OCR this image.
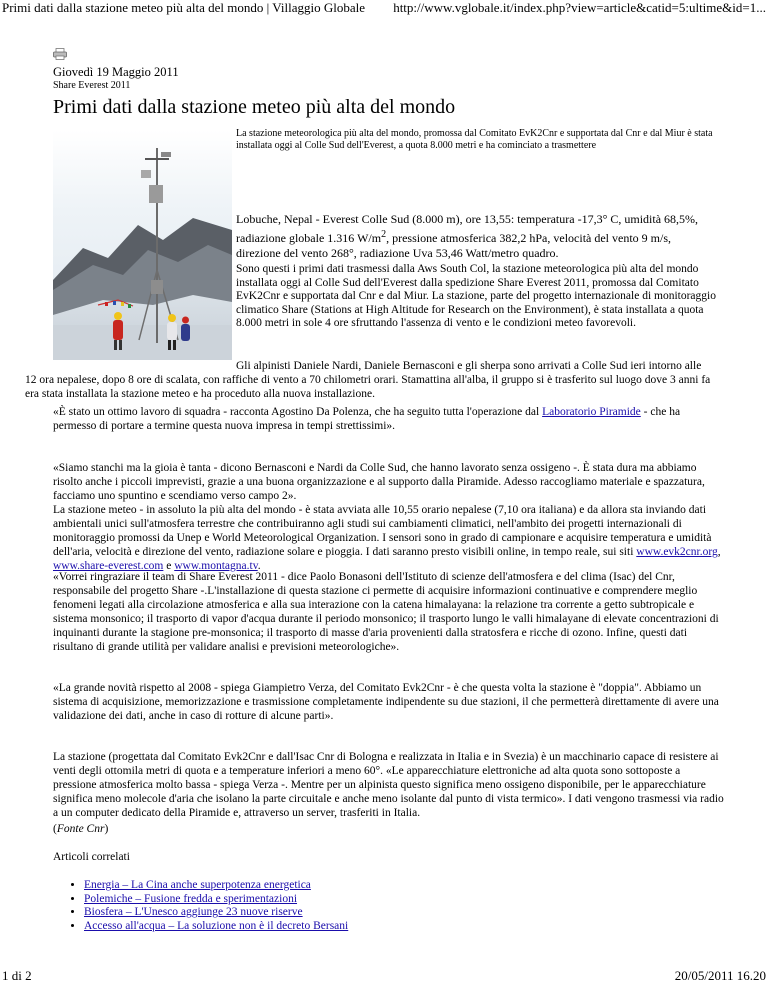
Primi dati dalla stazione meteo più alta del mondo | Villaggio Globale http://www.vglobale.it/index.php?view=article&catid=5:ultime&id=1...
Giovedì 19 Maggio 2011
Share Everest 2011
Primi dati dalla stazione meteo più alta del mondo

La stazione meteorologica più alta del mondo, promossa dal Comitato EvK2Cnr e supportata dal Cnr e dal Miur è stata installata oggi al Colle Sud dell'Everest, a quota 8.000 metri e ha cominciato a trasmettere

Lobuche, Nepal - Everest Colle Sud (8.000 m), ore 13,55: temperatura -17,3° C, umidità 68,5%, radiazione globale 1.316 $W/m^2$, pressione atmosferica 382,2 hPa, velocità del vento 9 m/s, direzione del vento 268°, radiazione Uva 53,46 Watt/metro quadro.

Sono questi i primi dati trasmessi dalla Aws South Col, la stazione meteorologica più alta del mondo installata oggi al Colle Sud dell'Everest dalla spedizione Share Everest 2011, promossa dal Comitato EvK2Cnr e supportata dal Cnr e dal Miur. La stazione, parte del progetto internazionale di monitoraggio climatico Share (Stations at High Altitude for Research on the Environment), è stata installata a quota 8.000 metri in sole 4 ore sfruttando l'assenza di vento e le condizioni meteo favorevoli.

Gli alpinisti Daniele Nardi, Daniele Bernasconi e gli sherpa sono arrivati a Colle Sud ieri intorno alle

12 ora nepalese, dopo 8 ore di scalata, con raffiche di vento a 70 chilometri orari. Stamattina all'alba, il gruppo si è trasferito sul luogo dove 3 anni fa era stata installata la stazione meteo e ha proceduto alla nuova installazione.

«È stato un ottimo lavoro di squadra - racconta Agostino Da Polenza, che ha seguito tutta l'operazione dal Laboratorio Piramide - che ha permesso di portare a termine questa nuova impresa in tempi strettissimi».

«Siamo stanchi ma la gioia è tanta - dicono Bernasconi e Nardi da Colle Sud, che hanno lavorato senza ossigeno -. È stata dura ma abbiamo risolto anche i piccoli imprevisti, grazie a una buona organizzazione e al supporto dalla Piramide. Adesso raccogliamo materiale e spazzatura, facciamo uno spuntino e scendiamo verso campo 2».

La stazione meteo - in assoluto la più alta del mondo - è stata avviata alle 10,55 orario nepalese (7,10 ora italiana) e da allora sta inviando dati ambientali unici sull'atmosfera terrestre che contribuiranno agli studi sui cambiamenti climatici, nell'ambito dei progetti internazionali di monitoraggio promossi da Unep e World Meteorological Organization. I sensori sono in grado di campionare e acquisire temperatura e umidità dell'aria, velocità e direzione del vento, radiazione solare e pioggia. I dati saranno presto visibili online, in tempo reale, sui siti www.evk2cnr.org, www.share-everest.com e www.montagna.tv.

«Vorrei ringraziare il team di Share Everest 2011 - dice Paolo Bonasoni dell'Istituto di scienze dell'atmosfera e del clima (Isac) del Cnr, responsabile del progetto Share -.L'installazione di questa stazione ci permette di acquisire informazioni continuative e comprendere meglio fenomeni legati alla circolazione atmosferica e alla sua interazione con la catena himalayana: la relazione tra corrente a getto subtropicale e sistema monsonico; il trasporto di vapor d'acqua durante il periodo monsonico; il trasporto lungo le valli himalayane di elevate concentrazioni di inquinanti durante la stagione pre-monsonica; il trasporto di masse d'aria provenienti dalla stratosfera e ricche di ozono. Infine, questi dati risultano di grande utilità per validare analisi e previsioni meteorologiche».

«La grande novità rispetto al 2008 - spiega Giampietro Verza, del Comitato Evk2Cnr - è che questa volta la stazione è "doppia". Abbiamo un sistema di acquisizione, memorizzazione e trasmissione completamente indipendente su due stazioni, il che permetterà direttamente di avere una validazione dei dati, anche in caso di rotture di alcune parti».

La stazione (progettata dal Comitato Evk2Cnr e dall'Isac Cnr di Bologna e realizzata in Italia e in Svezia) è un macchinario capace di resistere ai venti degli ottomila metri di quota e a temperature inferiori a meno 60°. «Le apparecchiature elettroniche ad alta quota sono sottoposte a pressione atmosferica molto bassa - spiega Verza -. Mentre per un alpinista questo significa meno ossigeno disponibile, per le apparecchiature significa meno molecole d'aria che isolano la parte circuitale e anche meno isolante dal punto di vista termico». I dati vengono trasmessi via radio a un computer dedicato della Piramide e, attraverso un server, trasferiti in Italia.

(Fonte Cnr)

Articoli correlati

• Energia – La Cina anche superpotenza energetica
• Polemiche – Fusione fredda e sperimentazioni
• Biosfera – L'Unesco aggiunge 23 nuove riserve
• Accesso all'acqua – La soluzione non è il decreto Bersani
1 di 2	20/05/2011 16.20
